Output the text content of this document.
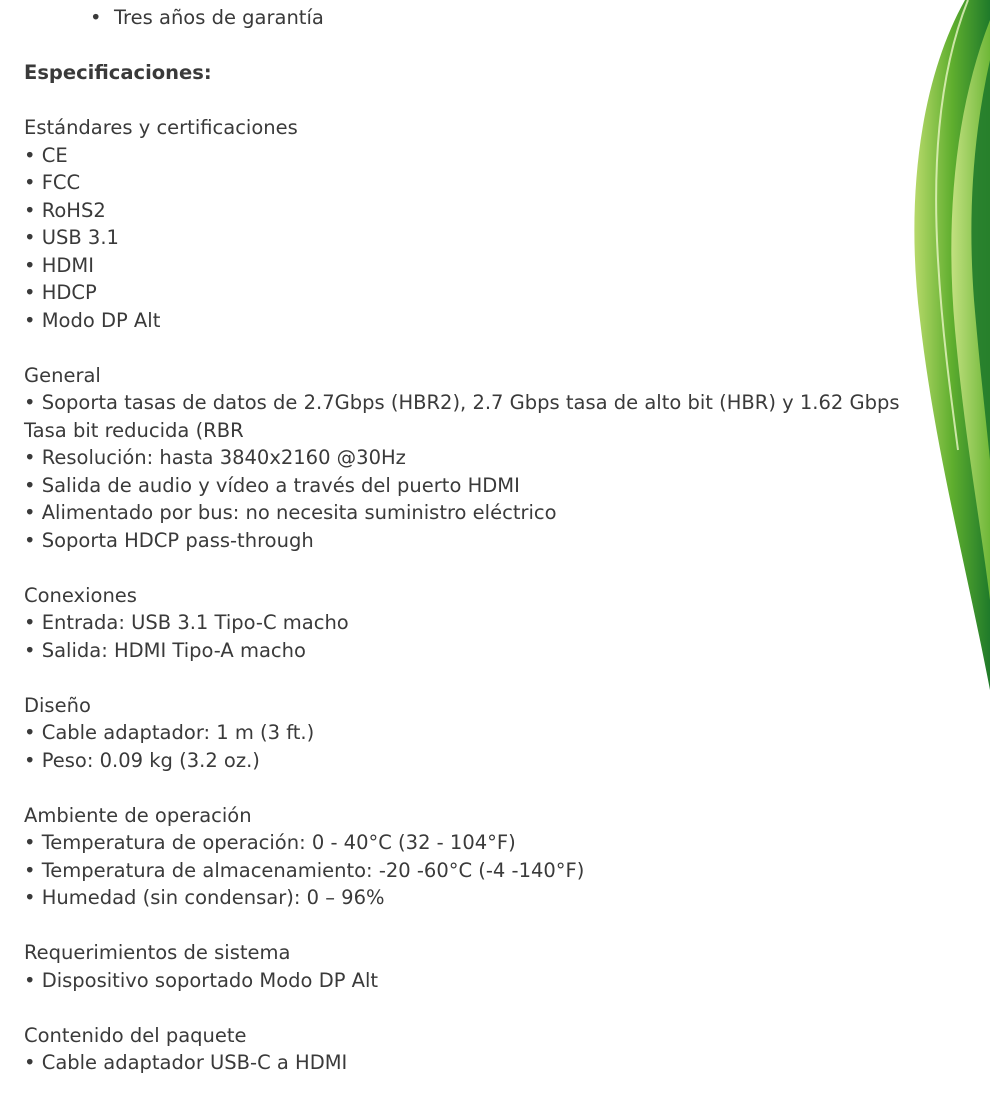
• Tres años de garantía
Especificaciones:
Estándares y certificaciones
• CE
• FCC
• RoHS2
• USB 3.1
• HDMI
• HDCP
• Modo DP Alt
General
• Soporta tasas de datos de 2.7Gbps (HBR2), 2.7 Gbps tasa de alto bit (HBR) y 1.62 Gbps Tasa bit reducida (RBR
• Resolución: hasta 3840x2160 @30Hz
• Salida de audio y vídeo a través del puerto HDMI
• Alimentado por bus: no necesita suministro eléctrico
• Soporta HDCP pass-through
Conexiones
• Entrada: USB 3.1 Tipo-C macho
• Salida: HDMI Tipo-A macho
Diseño
• Cable adaptador: 1 m (3 ft.)
• Peso: 0.09 kg (3.2 oz.)
Ambiente de operación
• Temperatura de operación: 0 - 40°C (32 - 104°F)
• Temperatura de almacenamiento: -20 -60°C (-4 -140°F)
• Humedad (sin condensar): 0 – 96%
Requerimientos de sistema
• Dispositivo soportado Modo DP Alt
Contenido del paquete
• Cable adaptador USB-C a HDMI
